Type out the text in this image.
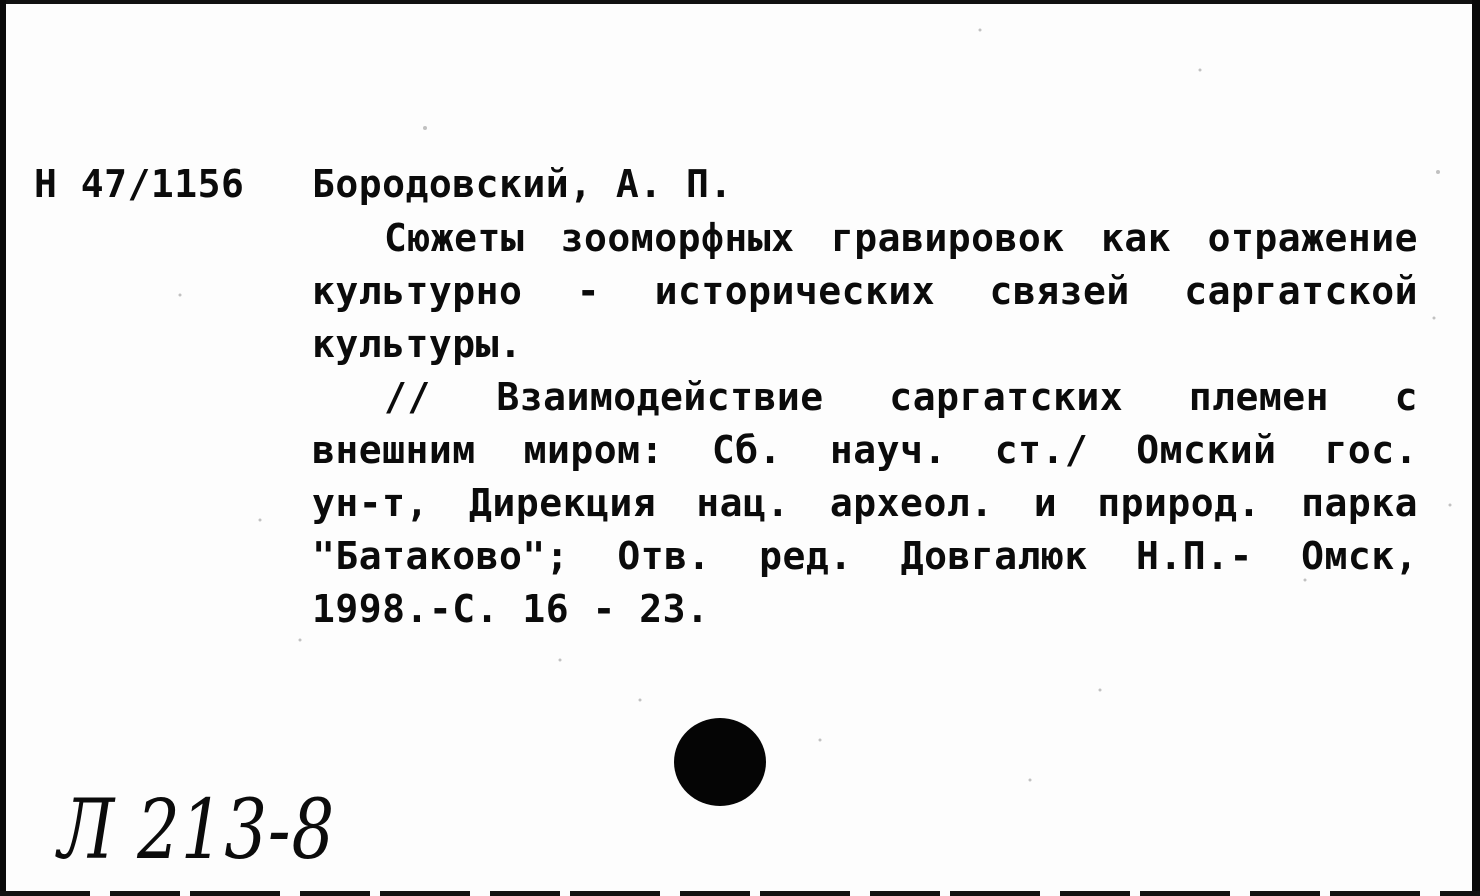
Н 47/1156 Бородовский, А. П.
Сюжеты зооморфных гравировок как отражение
культурно - исторических связей саргатской
культуры.
// Взаимодействие саргатских племен с
внешним миром: Сб. науч. ст./ Омский гос.
ун-т, Дирекция нац. археол. и природ. парка
"Батаково"; Отв. ред. Довгалюк Н.П.- Омск,
1998.-С. 16 - 23.
Л 213-8
